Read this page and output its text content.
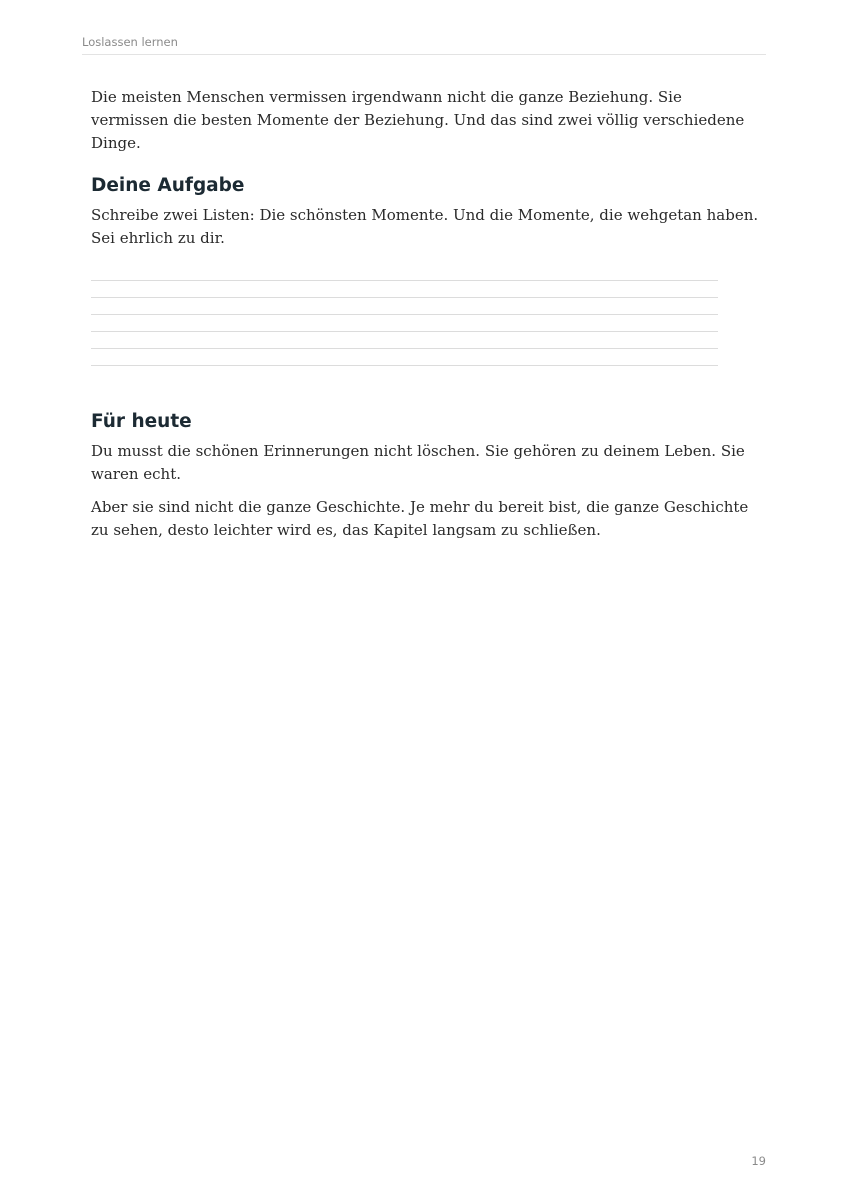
Loslassen lernen

Die meisten Menschen vermissen irgendwann nicht die ganze Beziehung. Sie vermissen die besten Momente der Beziehung. Und das sind zwei völlig verschiedene Dinge.

Deine Aufgabe

Schreibe zwei Listen: Die schönsten Momente. Und die Momente, die wehgetan haben. Sei ehrlich zu dir.

Für heute

Du musst die schönen Erinnerungen nicht löschen. Sie gehören zu deinem Leben. Sie waren echt.

Aber sie sind nicht die ganze Geschichte. Je mehr du bereit bist, die ganze Geschichte zu sehen, desto leichter wird es, das Kapitel langsam zu schließen.

19
